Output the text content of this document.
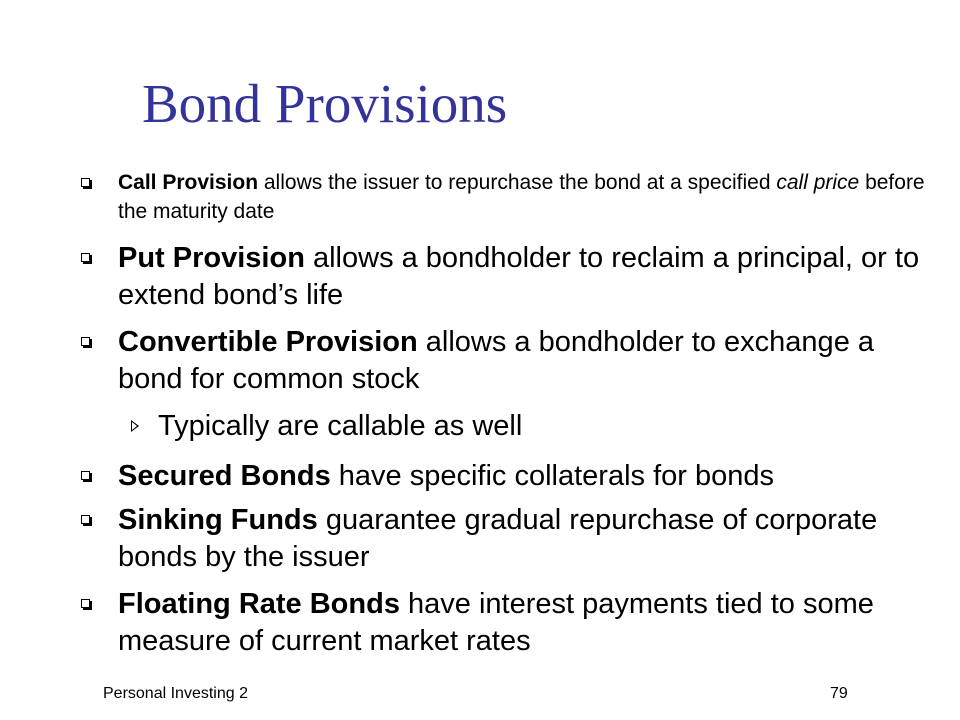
Bond Provisions
Call Provision allows the issuer to repurchase the bond at a specified call price before the maturity date
Put Provision allows a bondholder to reclaim a principal, or to extend bond’s life
Convertible Provision allows a bondholder to exchange a bond for common stock
Typically are callable as well
Secured Bonds have specific collaterals for bonds
Sinking Funds guarantee gradual repurchase of corporate bonds by the issuer
Floating Rate Bonds have interest payments tied to some measure of current market rates
Personal Investing 2	79
